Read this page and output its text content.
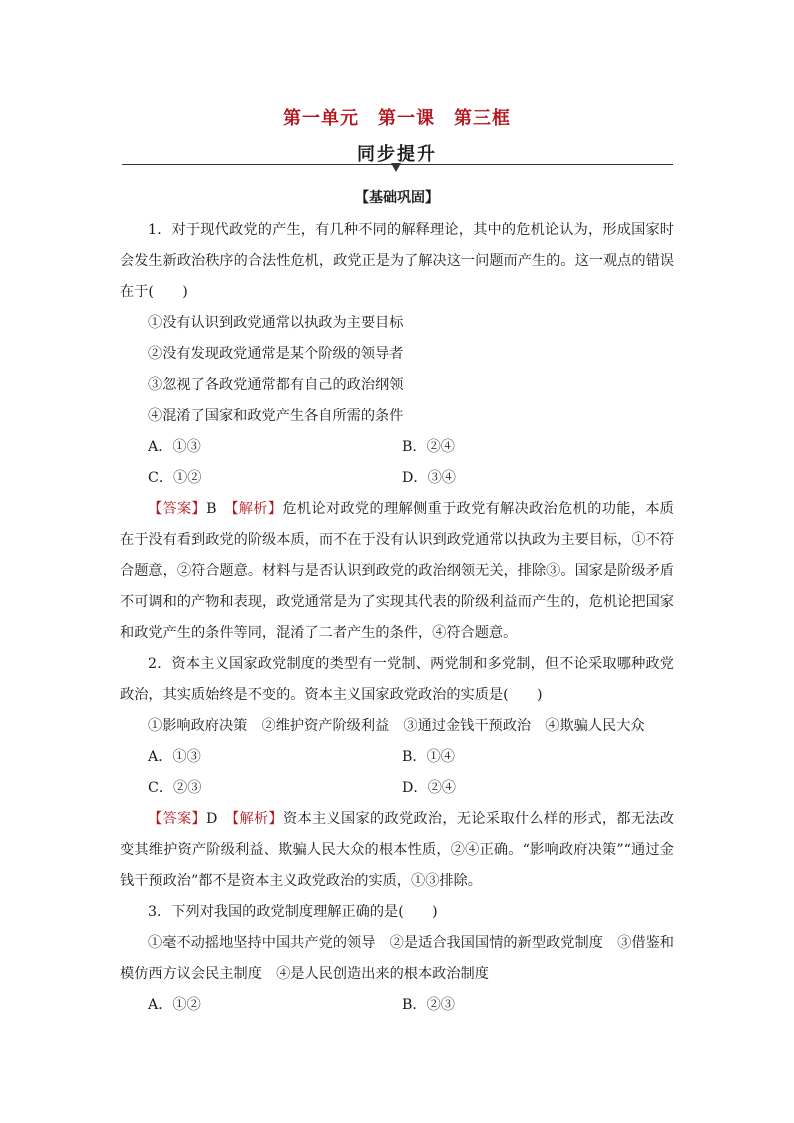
第一单元　第一课　第三框
同步提升
【基础巩固】

1．对于现代政党的产生，有几种不同的解释理论，其中的危机论认为，形成国家时会发生新政治秩序的合法性危机，政党正是为了解决这一问题而产生的。这一观点的错误在于(　　)

①没有认识到政党通常以执政为主要目标

②没有发现政党通常是某个阶级的领导者

③忽视了各政党通常都有自己的政治纲领

④混淆了国家和政党产生各自所需的条件

A．①③	B．②④
C．①②	D．③④

【答案】B　 【解析】危机论对政党的理解侧重于政党有解决政治危机的功能，本质在于没有看到政党的阶级本质，而不在于没有认识到政党通常以执政为主要目标，①不符合题意，②符合题意。材料与是否认识到政党的政治纲领无关，排除③。国家是阶级矛盾不可调和的产物和表现，政党通常是为了实现其代表的阶级利益而产生的，危机论把国家和政党产生的条件等同，混淆了二者产生的条件，④符合题意。

2．资本主义国家政党制度的类型有一党制、两党制和多党制，但不论采取哪种政党政治，其实质始终是不变的。资本主义国家政党政治的实质是(　　)

①影响政府决策　②维护资产阶级利益　③通过金钱干预政治　④欺骗人民大众

A．①③	B．①④
C．②③	D．②④

【答案】D　 【解析】资本主义国家的政党政治，无论采取什么样的形式，都无法改变其维护资产阶级利益、欺骗人民大众的根本性质，②④正确。“影响政府决策”“通过金钱干预政治”都不是资本主义政党政治的实质，①③排除。

3．下列对我国的政党制度理解正确的是(　　)

①毫不动摇地坚持中国共产党的领导　②是适合我国国情的新型政党制度　③借鉴和模仿西方议会民主制度　④是人民创造出来的根本政治制度

A．①②	B．②③
